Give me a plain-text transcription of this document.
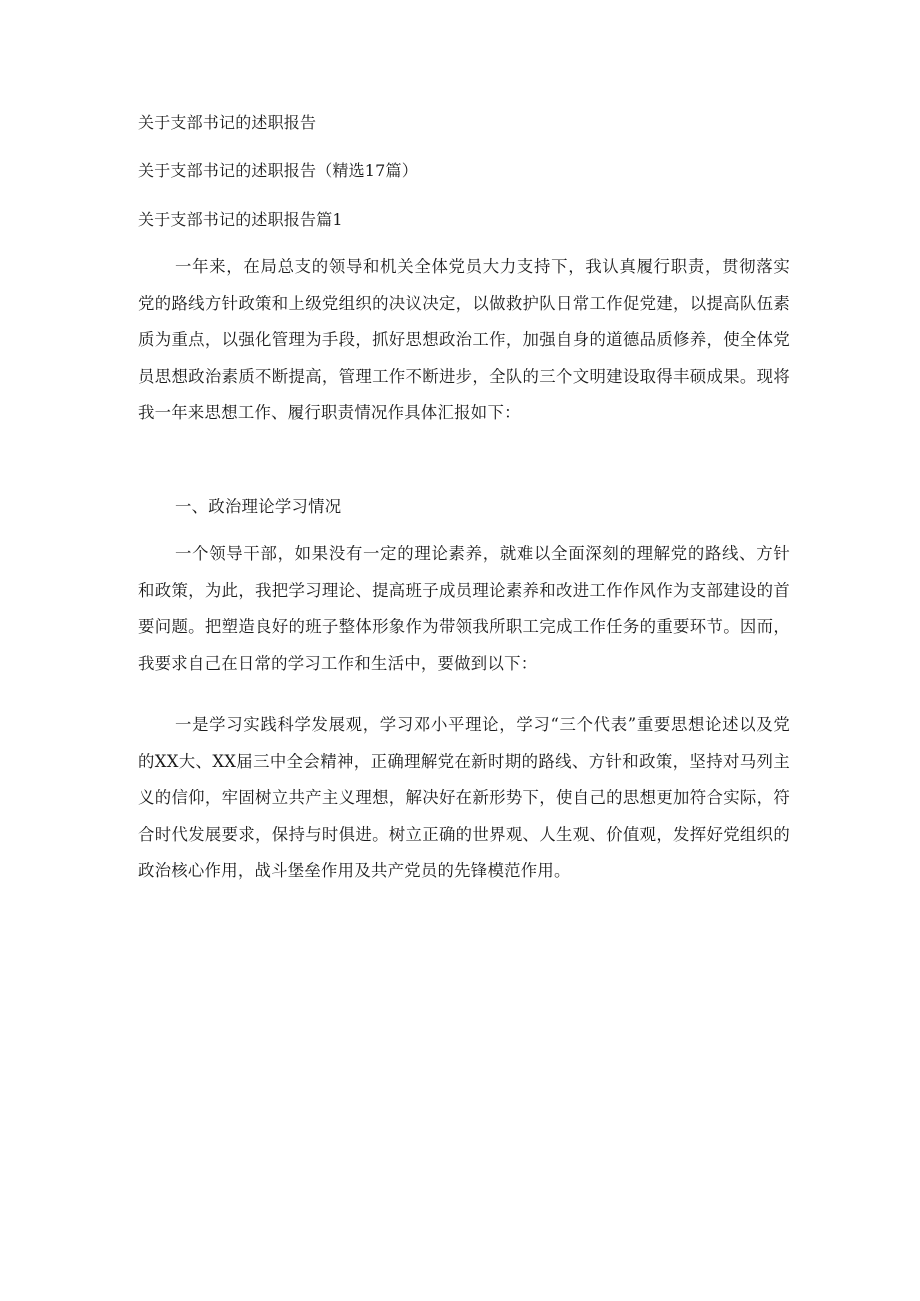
关于支部书记的述职报告
关于支部书记的述职报告（精选17篇）
关于支部书记的述职报告篇1

一年来，在局总支的领导和机关全体党员大力支持下，我认真履行职责，贯彻落实党的路线方针政策和上级党组织的决议决定，以做救护队日常工作促党建，以提高队伍素质为重点，以强化管理为手段，抓好思想政治工作，加强自身的道德品质修养，使全体党员思想政治素质不断提高，管理工作不断进步，全队的三个文明建设取得丰硕成果。现将我一年来思想工作、履行职责情况作具体汇报如下：

一、政治理论学习情况

一个领导干部，如果没有一定的理论素养，就难以全面深刻的理解党的路线、方针和政策，为此，我把学习理论、提高班子成员理论素养和改进工作作风作为支部建设的首要问题。把塑造良好的班子整体形象作为带领我所职工完成工作任务的重要环节。因而，我要求自己在日常的学习工作和生活中，要做到以下：

一是学习实践科学发展观，学习邓小平理论，学习“三个代表”重要思想论述以及党的XX大、XX届三中全会精神，正确理解党在新时期的路线、方针和政策，坚持对马列主义的信仰，牢固树立共产主义理想，解决好在新形势下，使自己的思想更加符合实际，符合时代发展要求，保持与时俱进。树立正确的世界观、人生观、价值观，发挥好党组织的政治核心作用，战斗堡垒作用及共产党员的先锋模范作用。
